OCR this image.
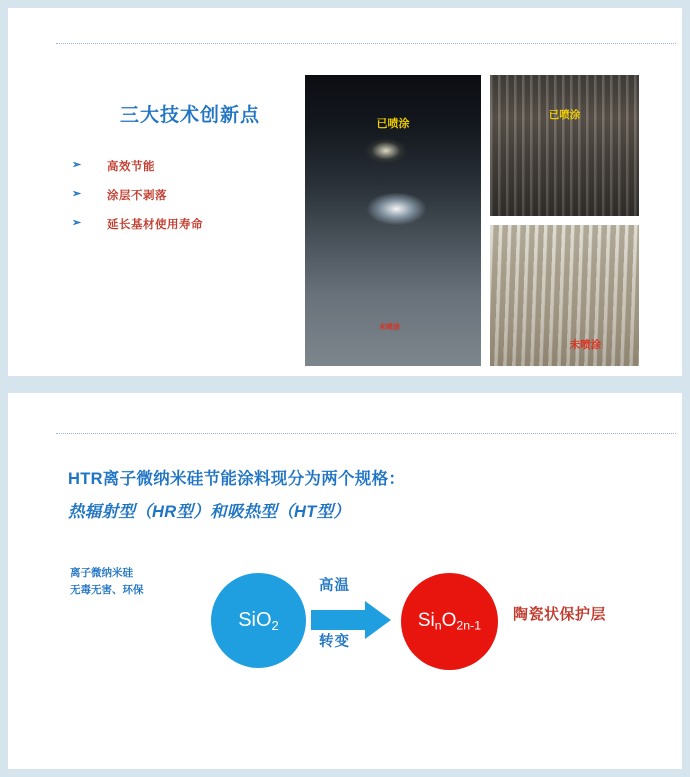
三大技术创新点
➢ 高效节能
➢ 涂层不剥落
➢ 延长基材使用寿命
已喷涂
未喷涂
已喷涂
未喷涂
HTR离子微纳米硅节能涂料现分为两个规格：
热辐射型（HR型）和吸热型（HT型）
离子微纳米硅
无毒无害、环保
SiO$_2$
高温
转变
$Si_nO_{2n-1}$
陶瓷状保护层
